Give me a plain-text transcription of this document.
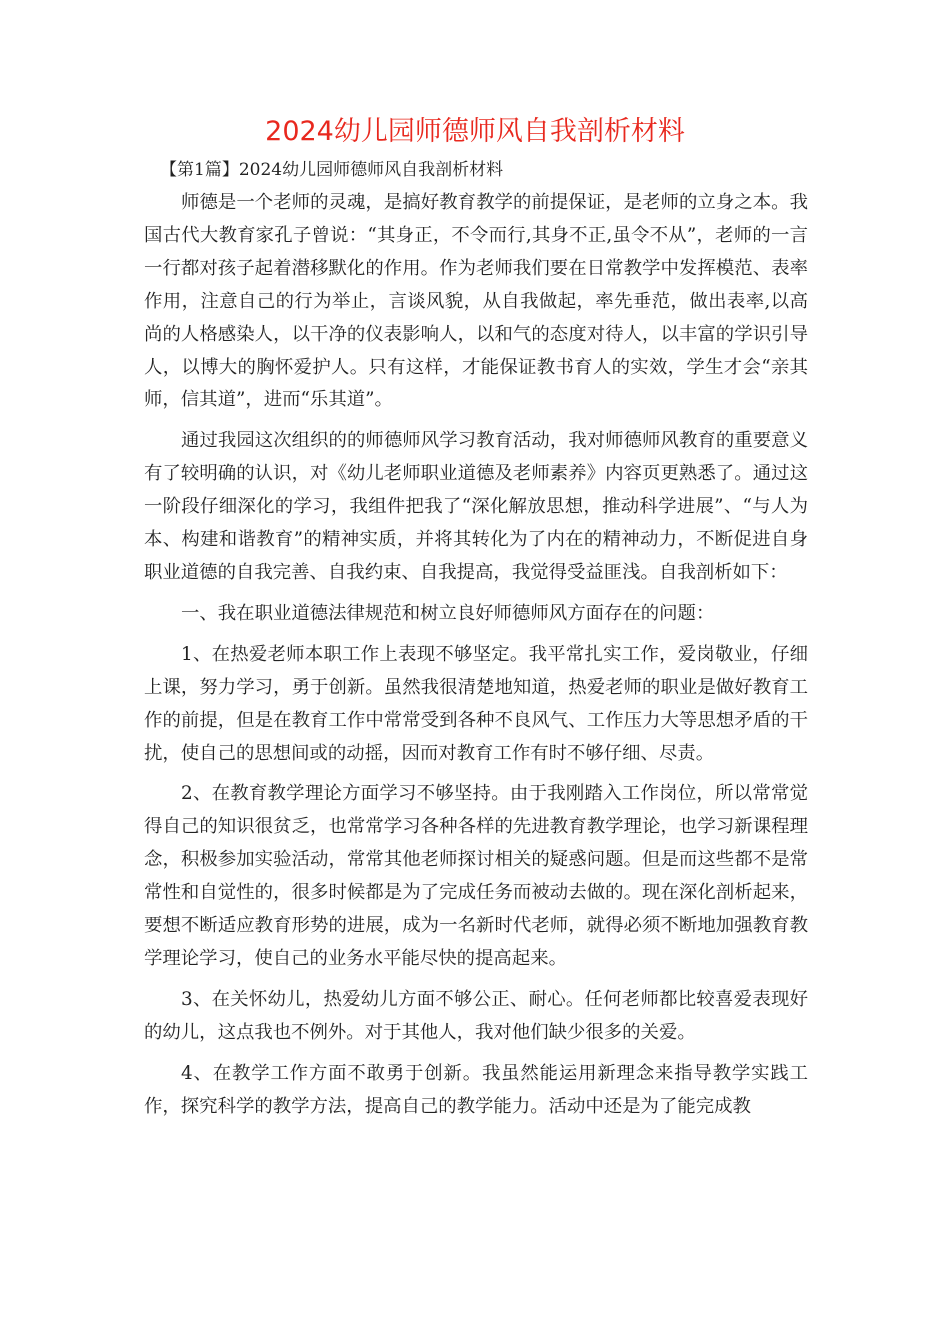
2024幼儿园师德师风自我剖析材料
【第1篇】2024幼儿园师德师风自我剖析材料

师德是一个老师的灵魂，是搞好教育教学的前提保证，是老师的立身之本。我国古代大教育家孔子曾说：“其身正，不令而行,其身不正,虽令不从”，老师的一言一行都对孩子起着潜移默化的作用。作为老师我们要在日常教学中发挥模范、表率作用，注意自己的行为举止，言谈风貌，从自我做起，率先垂范，做出表率,以高尚的人格感染人，以干净的仪表影响人，以和气的态度对待人，以丰富的学识引导人，以博大的胸怀爱护人。只有这样，才能保证教书育人的实效，学生才会“亲其师，信其道”，进而“乐其道”。

通过我园这次组织的的师德师风学习教育活动，我对师德师风教育的重要意义有了较明确的认识，对《幼儿老师职业道德及老师素养》内容页更熟悉了。通过这一阶段仔细深化的学习，我组件把我了“深化解放思想，推动科学进展”、“与人为本、构建和谐教育”的精神实质，并将其转化为了内在的精神动力，不断促进自身职业道德的自我完善、自我约束、自我提高，我觉得受益匪浅。自我剖析如下：

一、我在职业道德法律规范和树立良好师德师风方面存在的问题：

1、在热爱老师本职工作上表现不够坚定。我平常扎实工作，爱岗敬业，仔细上课，努力学习，勇于创新。虽然我很清楚地知道，热爱老师的职业是做好教育工作的前提，但是在教育工作中常常受到各种不良风气、工作压力大等思想矛盾的干扰，使自己的思想间或的动摇，因而对教育工作有时不够仔细、尽责。

2、在教育教学理论方面学习不够坚持。由于我刚踏入工作岗位，所以常常觉得自己的知识很贫乏，也常常学习各种各样的先进教育教学理论，也学习新课程理念，积极参加实验活动，常常其他老师探讨相关的疑惑问题。但是而这些都不是常常性和自觉性的，很多时候都是为了完成任务而被动去做的。现在深化剖析起来，要想不断适应教育形势的进展，成为一名新时代老师，就得必须不断地加强教育教学理论学习，使自己的业务水平能尽快的提高起来。

3、在关怀幼儿，热爱幼儿方面不够公正、耐心。任何老师都比较喜爱表现好的幼儿，这点我也不例外。对于其他人，我对他们缺少很多的关爱。

4、在教学工作方面不敢勇于创新。我虽然能运用新理念来指导教学实践工作，探究科学的教学方法，提高自己的教学能力。活动中还是为了能完成教
